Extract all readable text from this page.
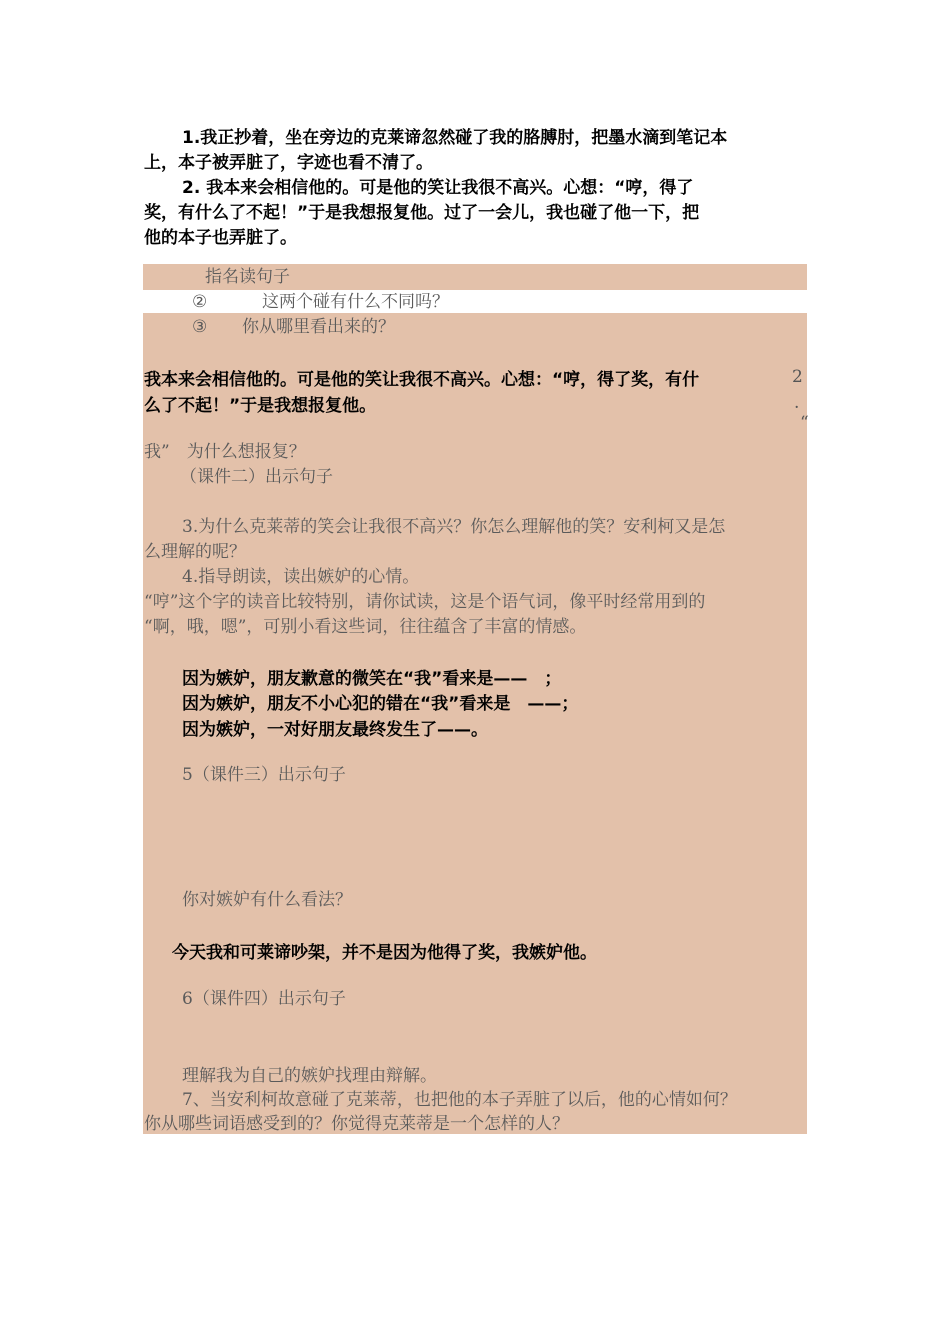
1.我正抄着，坐在旁边的克莱谛忽然碰了我的胳膊肘，把墨水滴到笔记本
上，本子被弄脏了，字迹也看不清了。
2. 我本来会相信他的。可是他的笑让我很不高兴。心想：“哼，得了
奖，有什么了不起！”于是我想报复他。过了一会儿，我也碰了他一下，把
他的本子也弄脏了。
指名读句子
②	这两个碰有什么不同吗？
③ 你从哪里看出来的？
我本来会相信他的。可是他的笑让我很不高兴。心想：“哼，得了奖，有什
么了不起！”于是我想报复他。
2
.
“
我”　为什么想报复？
（课件二）出示句子
3.为什么克莱蒂的笑会让我很不高兴？你怎么理解他的笑？安利柯又是怎
么理解的呢？
4.指导朗读，读出嫉妒的心情。
“哼”这个字的读音比较特别，请你试读，这是个语气词，像平时经常用到的
“啊，哦，嗯”，可别小看这些词，往往蕴含了丰富的情感。
因为嫉妒，朋友歉意的微笑在“我”看来是——　；
因为嫉妒，朋友不小心犯的错在“我”看来是　——；
因为嫉妒，一对好朋友最终发生了——。
5（课件三）出示句子
你对嫉妒有什么看法？
今天我和可莱谛吵架，并不是因为他得了奖，我嫉妒他。
6（课件四）出示句子
理解我为自己的嫉妒找理由辩解。
7、当安利柯故意碰了克莱蒂，也把他的本子弄脏了以后，他的心情如何？
你从哪些词语感受到的？你觉得克莱蒂是一个怎样的人？
